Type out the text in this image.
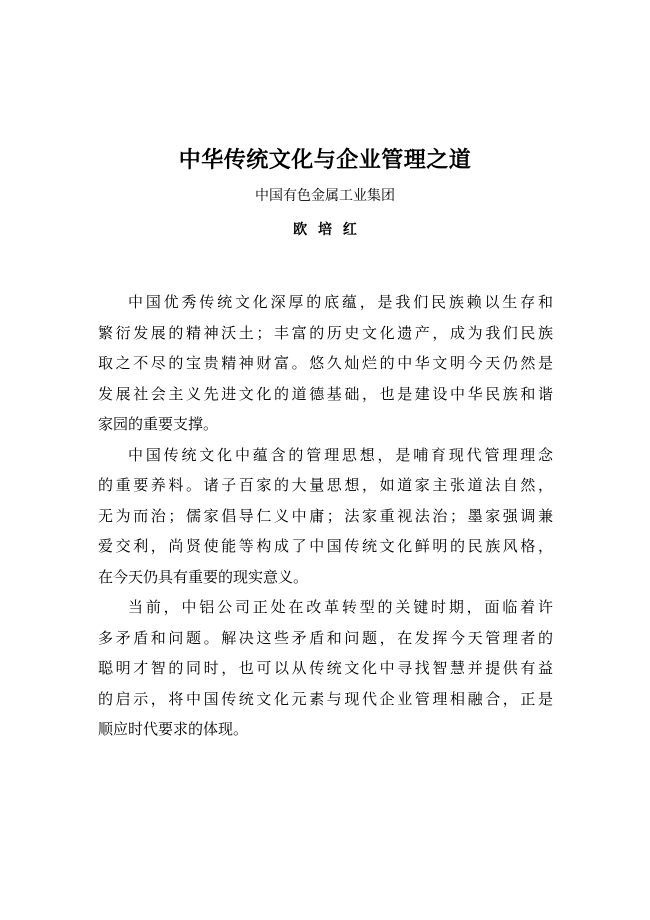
中华传统文化与企业管理之道
中国有色金属工业集团
欧 培 红

中国优秀传统文化深厚的底蕴，是我们民族赖以生存和
繁衍发展的精神沃土；丰富的历史文化遗产，成为我们民族
取之不尽的宝贵精神财富。悠久灿烂的中华文明今天仍然是
发展社会主义先进文化的道德基础，也是建设中华民族和谐
家园的重要支撑。

中国传统文化中蕴含的管理思想，是哺育现代管理理念
的重要养料。诸子百家的大量思想，如道家主张道法自然，
无为而治；儒家倡导仁义中庸；法家重视法治；墨家强调兼
爱交利，尚贤使能等构成了中国传统文化鲜明的民族风格，
在今天仍具有重要的现实意义。

当前，中铝公司正处在改革转型的关键时期，面临着许
多矛盾和问题。解决这些矛盾和问题，在发挥今天管理者的
聪明才智的同时，也可以从传统文化中寻找智慧并提供有益
的启示，将中国传统文化元素与现代企业管理相融合，正是
顺应时代要求的体现。
